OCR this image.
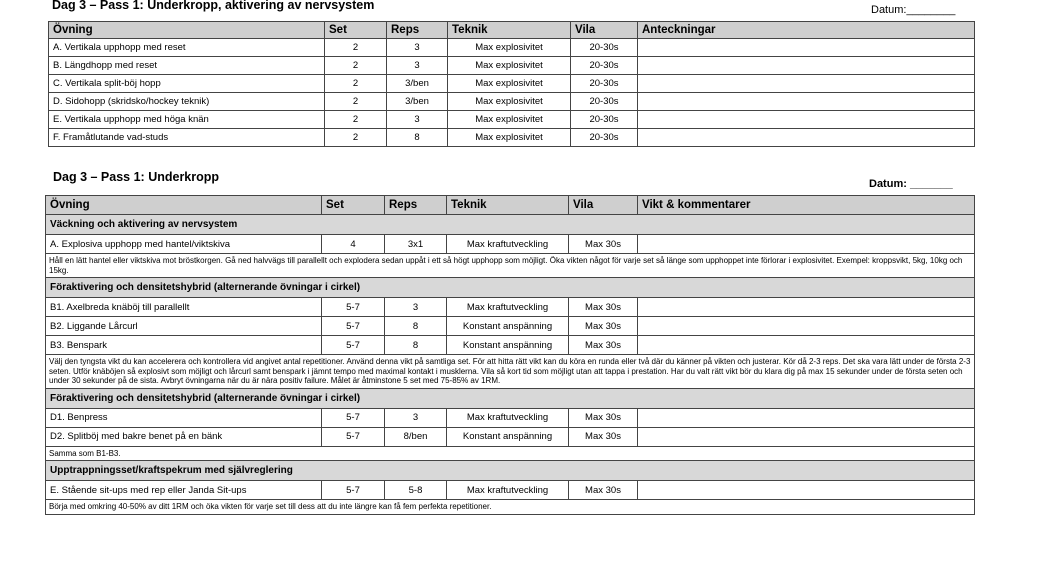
Dag 3 – Pass 1: Underkropp, aktivering av nervsystem	Datum:________
Övning	Set	Reps	Teknik	Vila	Anteckningar
A. Vertikala upphopp med reset	2	3	Max explosivitet	20-30s	
B. Längdhopp med reset	2	3	Max explosivitet	20-30s	
C. Vertikala split-böj hopp	2	3/ben	Max explosivitet	20-30s	
D. Sidohopp (skridsko/hockey teknik)	2	3/ben	Max explosivitet	20-30s	
E. Vertikala upphopp med höga knän	2	3	Max explosivitet	20-30s	
F. Framåtlutande vad-studs	2	8	Max explosivitet	20-30s	
Dag 3 – Pass 1: Underkropp	Datum: _______
Övning	Set	Reps	Teknik	Vila	Vikt & kommentarer
Väckning och aktivering av nervsystem					
A. Explosiva upphopp med hantel/viktskiva	4	3x1	Max kraftutveckling	Max 30s	
Håll en lätt hantel eller viktskiva mot bröstkorgen. Gå ned halvvägs till parallellt och explodera sedan uppåt i ett så högt upphopp som möjligt. Öka vikten något för varje set så länge som upphoppet inte förlorar i explosivitet. Exempel: kroppsvikt, 5kg, 10kg och 15kg.					
Föraktivering och densitetshybrid (alternerande övningar i cirkel)					
B1. Axelbreda knäböj till parallellt	5-7	3	Max kraftutveckling	Max 30s	
B2. Liggande Lårcurl	5-7	8	Konstant anspänning	Max 30s	
B3. Benspark	5-7	8	Konstant anspänning	Max 30s	
Välj den tyngsta vikt du kan accelerera och kontrollera vid angivet antal repetitioner. Använd denna vikt på samtliga set. För att hitta rätt vikt kan du köra en runda eller två där du känner på vikten och justerar. Kör då 2-3 reps. Det ska vara lätt under de första 2-3 seten. Utför knäböjen så explosivt som möjligt och lårcurl samt benspark i jämnt tempo med maximal kontakt i musklerna. Vila så kort tid som möjligt utan att tappa i prestation. Har du valt rätt vikt bör du klara dig på max 15 sekunder under de första seten och under 30 sekunder på de sista. Avbryt övningarna när du är nära positiv failure. Målet är åtminstone 5 set med 75-85% av 1RM.					
Föraktivering och densitetshybrid (alternerande övningar i cirkel)					
D1. Benpress	5-7	3	Max kraftutveckling	Max 30s	
D2. Splitböj med bakre benet på en bänk	5-7	8/ben	Konstant anspänning	Max 30s	
Samma som B1-B3.					
Upptrappningsset/kraftspekrum med självreglering					
E. Stående sit-ups med rep eller Janda Sit-ups	5-7	5-8	Max kraftutveckling	Max 30s	
Börja med omkring 40-50% av ditt 1RM och öka vikten för varje set till dess att du inte längre kan få fem perfekta repetitioner.					
